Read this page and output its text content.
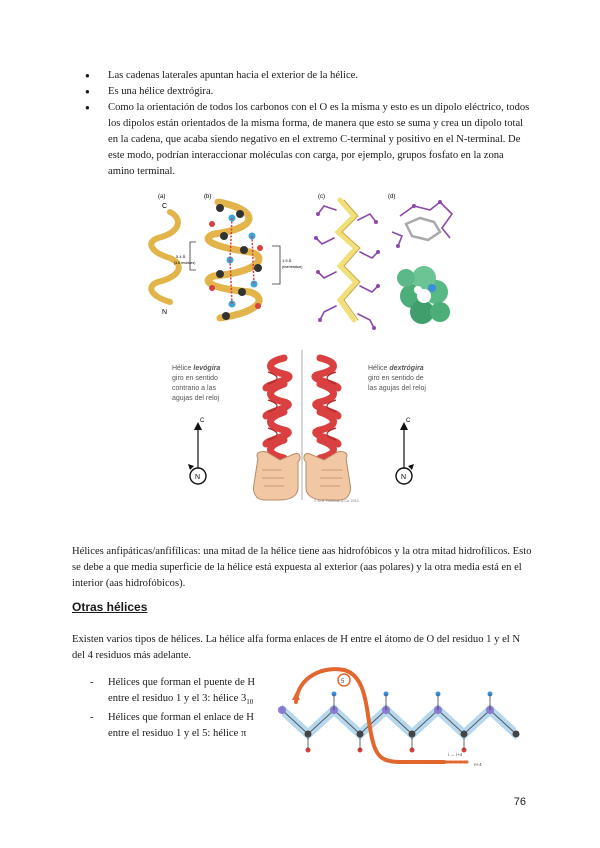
● Las cadenas laterales apuntan hacia el exterior de la hélice.
● Es una hélice dextrógira.
● Como la orientación de todos los carbonos con el O es la misma y esto es un dipolo eléctrico, todos los dipolos están orientados de la misma forma, de manera que esto se suma y crea un dipolo total en la cadena, que acaba siendo negativo en el extremo C-terminal y positivo en el N-terminal. De este modo, podrían interaccionar moléculas con carga, por ejemplo, grupos fosfato en la zona amino terminal.
(a)
C
N
5.4 Å
(3.6 residues)
(b)
1.5 Å
(rise/residue)
(c)	(d)
Hélice levógira
giro en sentido
contrario a las
agujas del reloj
Hélice dextrógira
giro en sentido de
las agujas del reloj
C
N
C
N
© W.H. Freeman & Co. 2013

Hélices anfipáticas/anfifílicas: una mitad de la hélice tiene aas hidrofóbicos y la otra mitad hidrofílicos. Esto se debe a que media superficie de la hélice está expuesta al exterior (aas polares) y la otra media está en el interior (aas hidrofóbicos).

Otras hélices

Existen varios tipos de hélices. La hélice alfa forma enlaces de H entre el átomo de O del residuo 1 y el N del 4 residuos más adelante.

- Hélices que forman el puente de H entre el residuo 1 y el 3: hélice $3_{10}$
- Hélices que forman el enlace de H entre el residuo 1 y el 5: hélice π
5
i → i+4
n+4
76
